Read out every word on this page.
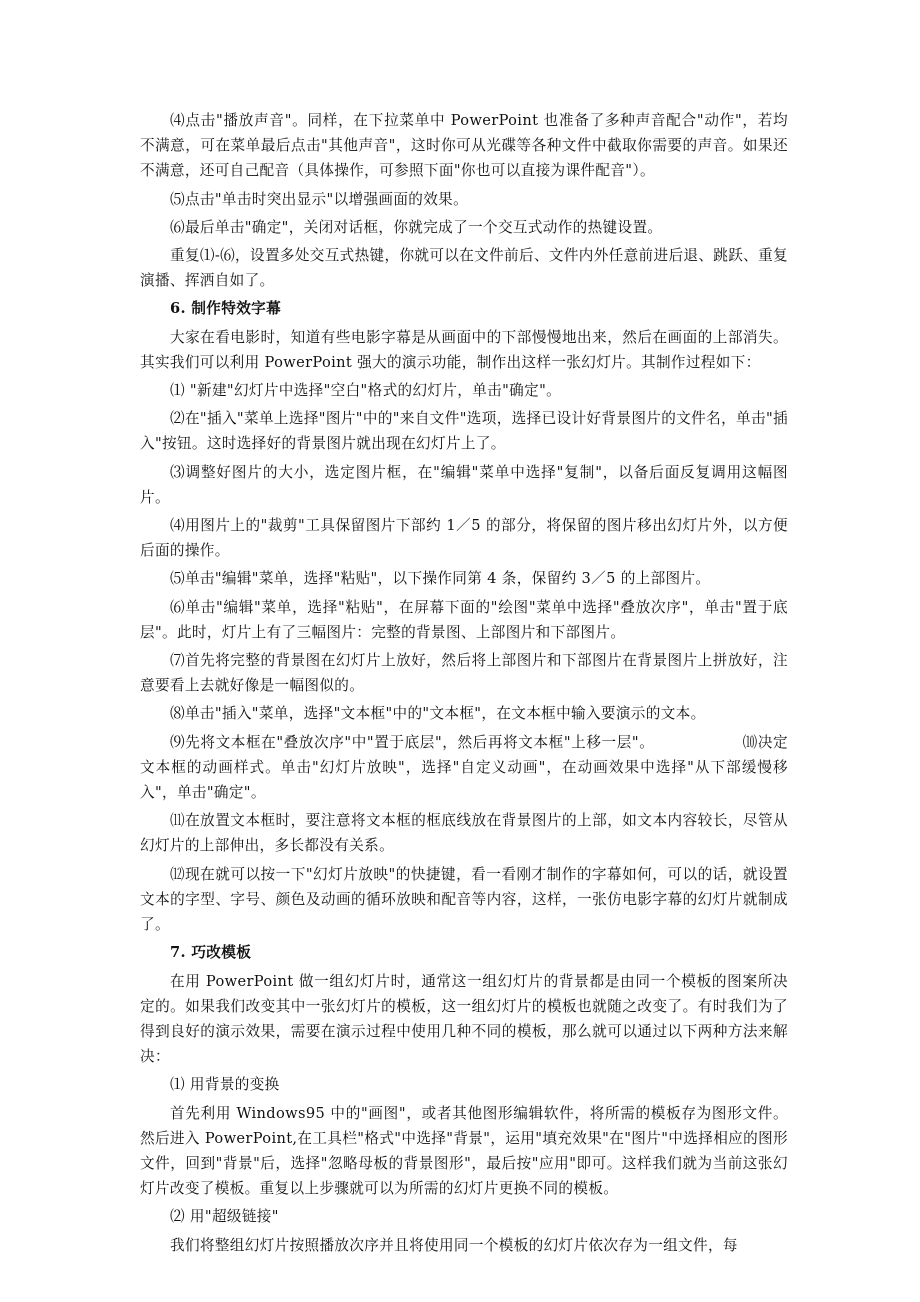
⑷点击"播放声音"。同样，在下拉菜单中 PowerPoint 也准备了多种声音配合"动作"，若均不满意，可在菜单最后点击"其他声音"，这时你可从光碟等各种文件中截取你需要的声音。如果还不满意，还可自己配音（具体操作，可参照下面"你也可以直接为课件配音"）。

⑸点击"单击时突出显示"以增强画面的效果。

⑹最后单击"确定"，关闭对话框，你就完成了一个交互式动作的热键设置。

重复⑴-⑹，设置多处交互式热键，你就可以在文件前后、文件内外任意前进后退、跳跃、重复演播、挥洒自如了。

6. 制作特效字幕

大家在看电影时，知道有些电影字幕是从画面中的下部慢慢地出来，然后在画面的上部消失。其实我们可以利用 PowerPoint 强大的演示功能，制作出这样一张幻灯片。其制作过程如下：

⑴ "新建"幻灯片中选择"空白"格式的幻灯片，单击"确定"。

⑵在"插入"菜单上选择"图片"中的"来自文件"选项，选择已设计好背景图片的文件名，单击"插入"按钮。这时选择好的背景图片就出现在幻灯片上了。

⑶调整好图片的大小，选定图片框，在"编辑"菜单中选择"复制"，以备后面反复调用这幅图片。

⑷用图片上的"裁剪"工具保留图片下部约 1／5 的部分，将保留的图片移出幻灯片外，以方便后面的操作。

⑸单击"编辑"菜单，选择"粘贴"，以下操作同第 4 条，保留约 3／5 的上部图片。

⑹单击"编辑"菜单，选择"粘贴"，在屏幕下面的"绘图"菜单中选择"叠放次序"，单击"置于底层"。此时，灯片上有了三幅图片：完整的背景图、上部图片和下部图片。

⑺首先将完整的背景图在幻灯片上放好，然后将上部图片和下部图片在背景图片上拼放好，注意要看上去就好像是一幅图似的。

⑻单击"插入"菜单，选择"文本框"中的"文本框"，在文本框中输入要演示的文本。

⑼先将文本框在"叠放次序"中"置于底层"，然后再将文本框"上移一层"。	⑽决定文本框的动画样式。单击"幻灯片放映"，选择"自定义动画"，在动画效果中选择"从下部缓慢移入"，单击"确定"。

⑾在放置文本框时，要注意将文本框的框底线放在背景图片的上部，如文本内容较长，尽管从幻灯片的上部伸出，多长都没有关系。

⑿现在就可以按一下"幻灯片放映"的快捷键，看一看刚才制作的字幕如何，可以的话，就设置文本的字型、字号、颜色及动画的循环放映和配音等内容，这样，一张仿电影字幕的幻灯片就制成了。

7. 巧改模板

在用 PowerPoint 做一组幻灯片时，通常这一组幻灯片的背景都是由同一个模板的图案所决定的。如果我们改变其中一张幻灯片的模板，这一组幻灯片的模板也就随之改变了。有时我们为了得到良好的演示效果，需要在演示过程中使用几种不同的模板，那么就可以通过以下两种方法来解决：

⑴ 用背景的变换

首先利用 Windows95 中的"画图"，或者其他图形编辑软件，将所需的模板存为图形文件。然后进入 PowerPoint,在工具栏"格式"中选择"背景"，运用"填充效果"在"图片"中选择相应的图形文件，回到"背景"后，选择"忽略母板的背景图形"，最后按"应用"即可。这样我们就为当前这张幻灯片改变了模板。重复以上步骤就可以为所需的幻灯片更换不同的模板。

⑵ 用"超级链接"

我们将整组幻灯片按照播放次序并且将使用同一个模板的幻灯片依次存为一组文件，每
